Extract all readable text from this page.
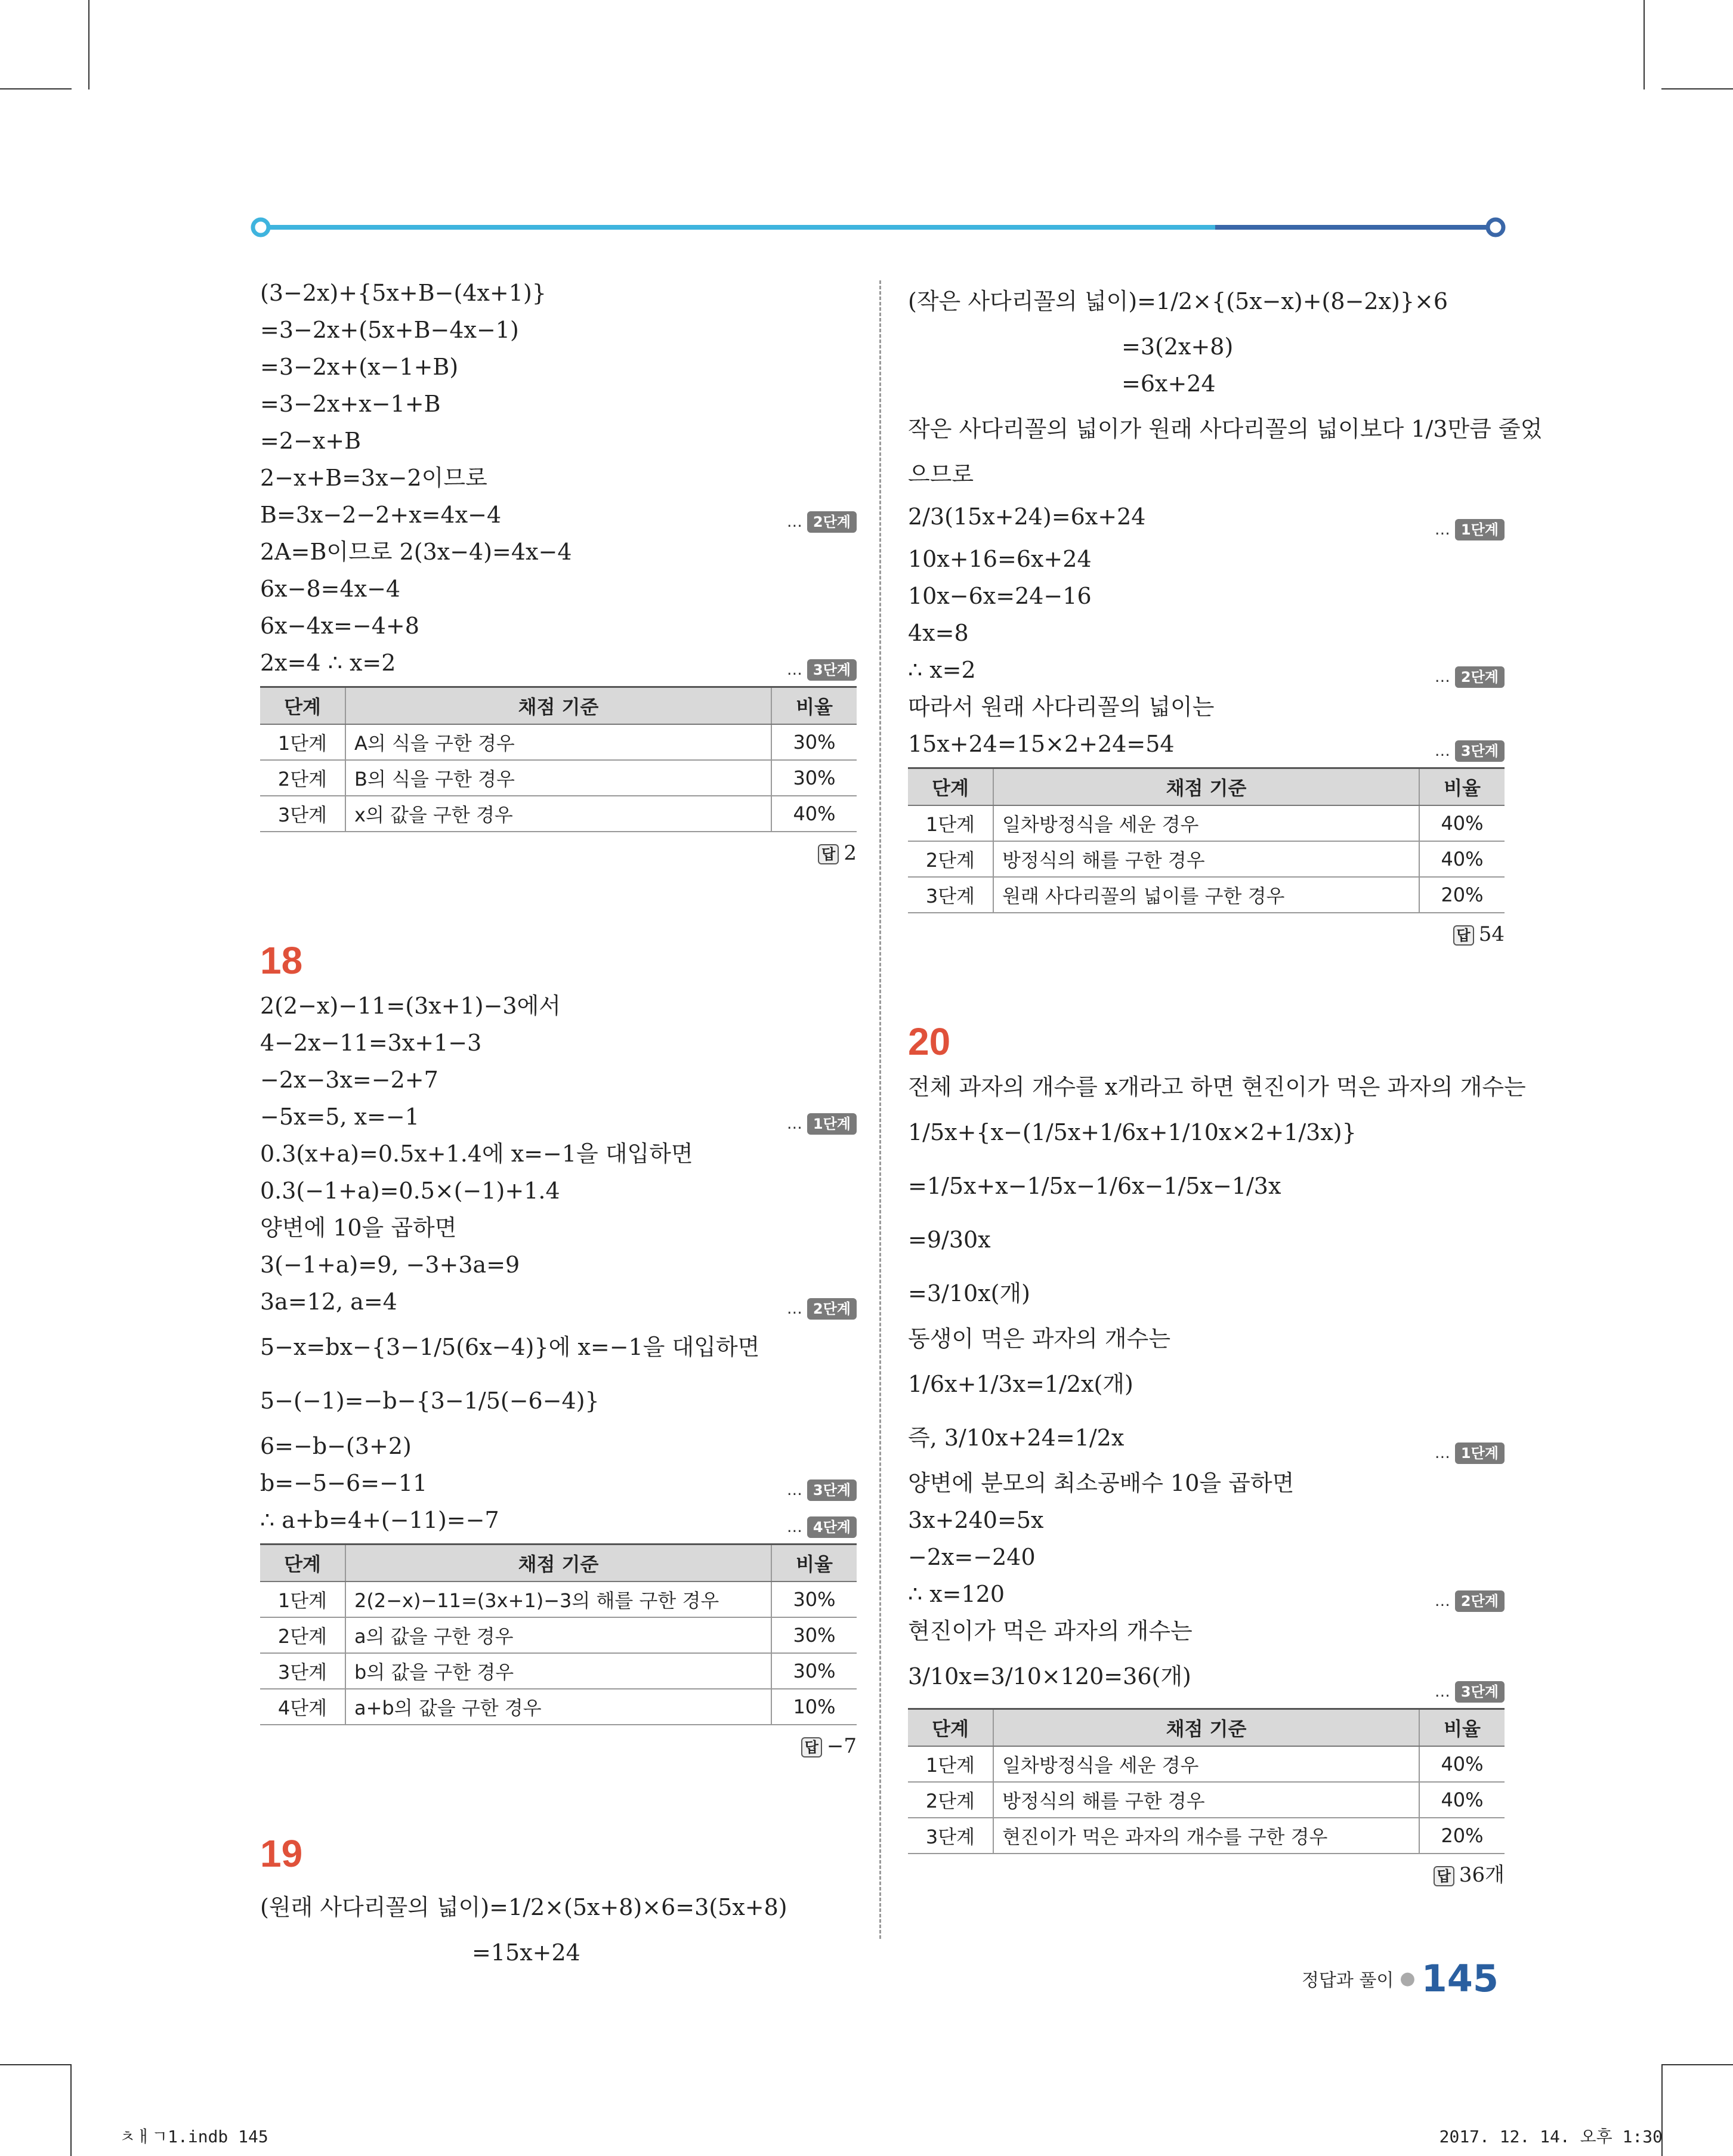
(3−2x)+{5x+B−(4x+1)}
=3−2x+(5x+B−4x−1)
=3−2x+(x−1+B)
=3−2x+x−1+B
=2−x+B
2−x+B=3x−2이므로
B=3x−2−2+x=4x−4	… 2단계
2A=B이므로 2(3x−4)=4x−4
6x−8=4x−4
6x−4x=−4+8
2x=4 ∴ x=2	… 3단계
단계	채점 기준	비율
1단계	A의 식을 구한 경우	30%
2단계	B의 식을 구한 경우	30%
3단계	x의 값을 구한 경우	40%
답 2
18
2(2−x)−11=(3x+1)−3에서
4−2x−11=3x+1−3
−2x−3x=−2+7
−5x=5, x=−1	… 1단계
0.3(x+a)=0.5x+1.4에 x=−1을 대입하면
0.3(−1+a)=0.5×(−1)+1.4
양변에 10을 곱하면
3(−1+a)=9, −3+3a=9
3a=12, a=4	… 2단계
5−x=bx−{3−1/5(6x−4)}에 x=−1을 대입하면
5−(−1)=−b−{3−1/5(−6−4)}
6=−b−(3+2)
b=−5−6=−11	… 3단계
∴ a+b=4+(−11)=−7	… 4단계
단계	채점 기준	비율
1단계	2(2−x)−11=(3x+1)−3의 해를 구한 경우	30%
2단계	a의 값을 구한 경우	30%
3단계	b의 값을 구한 경우	30%
4단계	a+b의 값을 구한 경우	10%
답 −7
19
(원래 사다리꼴의 넓이)=1/2×(5x+8)×6=3(5x+8)
=15x+24
(작은 사다리꼴의 넓이)=1/2×{(5x−x)+(8−2x)}×6
=3(2x+8)
=6x+24
작은 사다리꼴의 넓이가 원래 사다리꼴의 넓이보다 1/3만큼 줄었
으므로
2/3(15x+24)=6x+24	… 1단계
10x+16=6x+24
10x−6x=24−16
4x=8
∴ x=2	… 2단계
따라서 원래 사다리꼴의 넓이는
15x+24=15×2+24=54	… 3단계
단계	채점 기준	비율
1단계	일차방정식을 세운 경우	40%
2단계	방정식의 해를 구한 경우	40%
3단계	원래 사다리꼴의 넓이를 구한 경우	20%
답 54
20
전체 과자의 개수를 x개라고 하면 현진이가 먹은 과자의 개수는
1/5x+{x−(1/5x+1/6x+1/10x×2+1/3x)}
=1/5x+x−1/5x−1/6x−1/5x−1/3x
=9/30x
=3/10x(개)
동생이 먹은 과자의 개수는
1/6x+1/3x=1/2x(개)
즉, 3/10x+24=1/2x
… 1단계
양변에 분모의 최소공배수 10을 곱하면
3x+240=5x
−2x=−240
∴ x=120	… 2단계
현진이가 먹은 과자의 개수는
3/10x=3/10×120=36(개)
… 3단계
단계	채점 기준	비율
1단계	일차방정식을 세운 경우	40%
2단계	방정식의 해를 구한 경우	40%
3단계	현진이가 먹은 과자의 개수를 구한 경우	20%
답 36개
정답과 풀이 ● 145
ㅊㅐㄱ1.indb 145	2017. 12. 14. 오후 1:30
